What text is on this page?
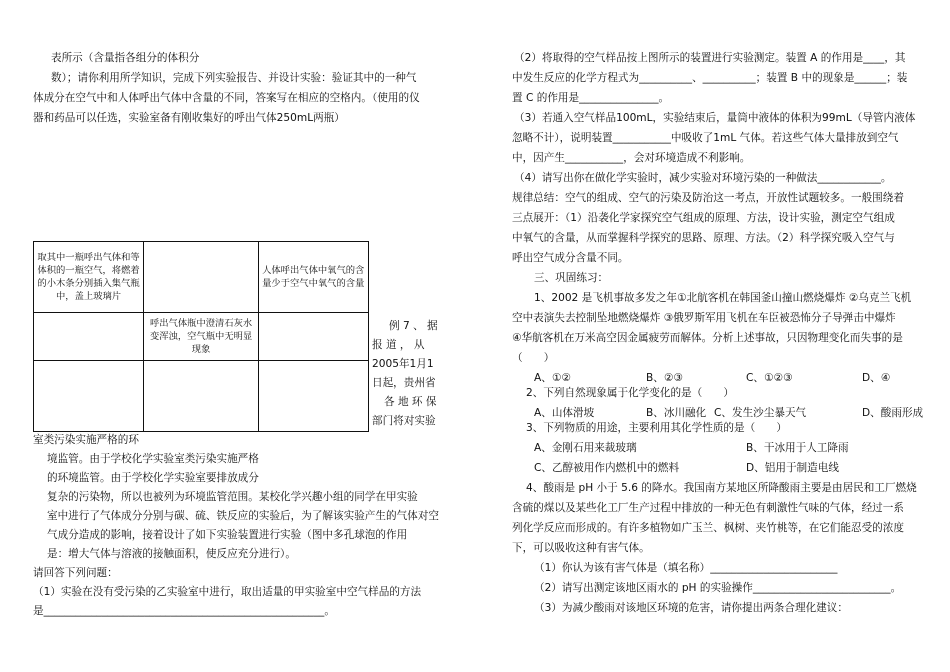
表所示（含量指各组分的体积分
数）；请你利用所学知识，完成下列实验报告、并设计实验：验证其中的一种气
体成分在空气中和人体呼出气体中含量的不同，答案写在相应的空格内。（使用的仪
器和药品可以任选，实验室备有刚收集好的呼出气体250mL两瓶）
取其中一瓶呼出气体和等体积的一瓶空气，将燃着的小木条分别插入集气瓶中，盖上玻璃片		人体呼出气体中氧气的含量少于空气中氧气的含量
	呼出气体瓶中澄清石灰水变浑浊，空气瓶中无明显现象	

例 7 、 据
报 道 ， 从
2005年1月1
日起，贵州省
各 地 环 保
部门将对实验
室类污染实施严格的环
境监管。由于学校化学实验室类污染实施严格
的环境监管。由于学校化学实验室要排放成分
复杂的污染物，所以也被列为环境监管范围。某校化学兴趣小组的同学在甲实验
室中进行了气体成分分别与碳、硫、铁反应的实验后，为了解该实验产生的气体对空
气成分造成的影响，接着设计了如下实验装置进行实验（图中多孔球泡的作用
是：增大气体与溶液的接触面积，使反应充分进行）。
请回答下列问题：
（1）实验在没有受污染的乙实验室中进行，取出适量的甲实验室中空气样品的方法
是_____________________________________________________。
（2）将取得的空气样品按上图所示的装置进行实验测定。装置 A 的作用是____，其
中发生反应的化学方程式为__________、__________；装置 B 中的现象是______；装
置 C 的作用是_______________。
（3）若通入空气样品100mL，实验结束后，量筒中液体的体积为99mL（导管内液体
忽略不计），说明装置___________中吸收了1mL 气体。若这些气体大量排放到空气
中，因产生___________，会对环境造成不利影响。
（4）请写出你在做化学实验时，减少实验对环境污染的一种做法____________。
规律总结：空气的组成、空气的污染及防治这一考点，开放性试题较多。一般围绕着
三点展开：（1）沿袭化学家探究空气组成的原理、方法，设计实验，测定空气组成
中氧气的含量，从而掌握科学探究的思路、原理、方法。（2）科学探究吸入空气与
呼出空气成分含量不同。
三、巩固练习：
1、2002 是飞机事故多发之年①北航客机在韩国釜山撞山燃烧爆炸 ②乌克兰飞机
空中表演失去控制坠地燃烧爆炸 ③俄罗斯军用飞机在车臣被恐怖分子导弹击中爆炸
④华航客机在万米高空因金属疲劳而解体。分析上述事故，只因物理变化而失事的是
（　　）
A、①②	B、②③	C、①②③	D、④
2、下列自然现象属于化学变化的是（　　）
A、山体滑坡	B、冰川融化 C、发生沙尘暴天气	D、酸雨形成
3、下列物质的用途，主要利用其化学性质的是（　　）
A、金刚石用来裁玻璃	B、干冰用于人工降雨
C、乙醇被用作内燃机中的燃料	D、铝用于制造电线
4、酸雨是 pH 小于 5.6 的降水。我国南方某地区所降酸雨主要是由居民和工厂燃烧
含硫的煤以及某些化工厂生产过程中排放的一种无色有刺激性气味的气体，经过一系
列化学反应而形成的。有许多植物如广玉兰、枫树、夹竹桃等，在它们能忍受的浓度
下，可以吸收这种有害气体。
（1）你认为该有害气体是（填名称）________________________
（2）请写出测定该地区雨水的 pH 的实验操作__________________________。
（3）为减少酸雨对该地区环境的危害，请你提出两条合理化建议：
